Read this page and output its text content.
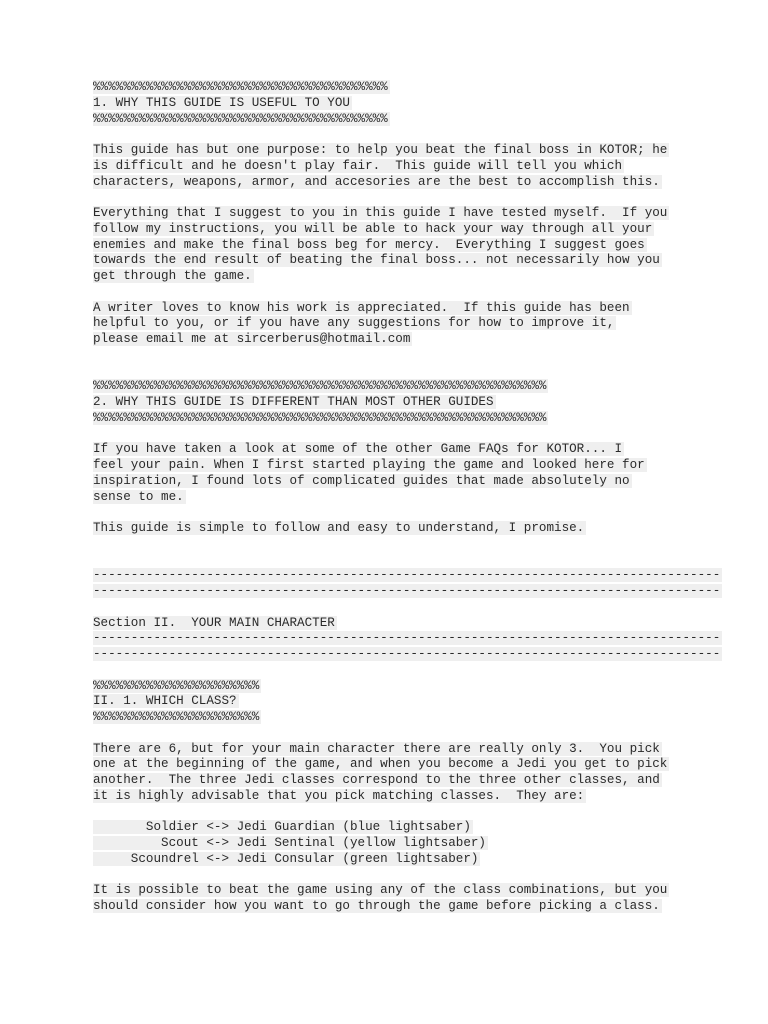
%%%%%%%%%%%%%%%%%%%%%%%%%%%%%%%%%%%%%%%
1. WHY THIS GUIDE IS USEFUL TO YOU
%%%%%%%%%%%%%%%%%%%%%%%%%%%%%%%%%%%%%%%
This guide has but one purpose: to help you beat the final boss in KOTOR; he
is difficult and he doesn't play fair.  This guide will tell you which
characters, weapons, armor, and accesories are the best to accomplish this.
Everything that I suggest to you in this guide I have tested myself.  If you
follow my instructions, you will be able to hack your way through all your
enemies and make the final boss beg for mercy.  Everything I suggest goes
towards the end result of beating the final boss... not necessarily how you
get through the game.
A writer loves to know his work is appreciated.  If this guide has been
helpful to you, or if you have any suggestions for how to improve it,
please email me at sircerberus@hotmail.com
%%%%%%%%%%%%%%%%%%%%%%%%%%%%%%%%%%%%%%%%%%%%%%%%%%%%%%%%%%%%
2. WHY THIS GUIDE IS DIFFERENT THAN MOST OTHER GUIDES
%%%%%%%%%%%%%%%%%%%%%%%%%%%%%%%%%%%%%%%%%%%%%%%%%%%%%%%%%%%%
If you have taken a look at some of the other Game FAQs for KOTOR... I
feel your pain. When I first started playing the game and looked here for
inspiration, I found lots of complicated guides that made absolutely no
sense to me.
This guide is simple to follow and easy to understand, I promise.
-----------------------------------------------------------------------------------
-----------------------------------------------------------------------------------
Section II.  YOUR MAIN CHARACTER
-----------------------------------------------------------------------------------
-----------------------------------------------------------------------------------
%%%%%%%%%%%%%%%%%%%%%%
II. 1. WHICH CLASS?
%%%%%%%%%%%%%%%%%%%%%%
There are 6, but for your main character there are really only 3.  You pick
one at the beginning of the game, and when you become a Jedi you get to pick
another.  The three Jedi classes correspond to the three other classes, and
it is highly advisable that you pick matching classes.  They are:
Soldier <-> Jedi Guardian (blue lightsaber)
Scout <-> Jedi Sentinal (yellow lightsaber)
Scoundrel <-> Jedi Consular (green lightsaber)
It is possible to beat the game using any of the class combinations, but you
should consider how you want to go through the game before picking a class.
